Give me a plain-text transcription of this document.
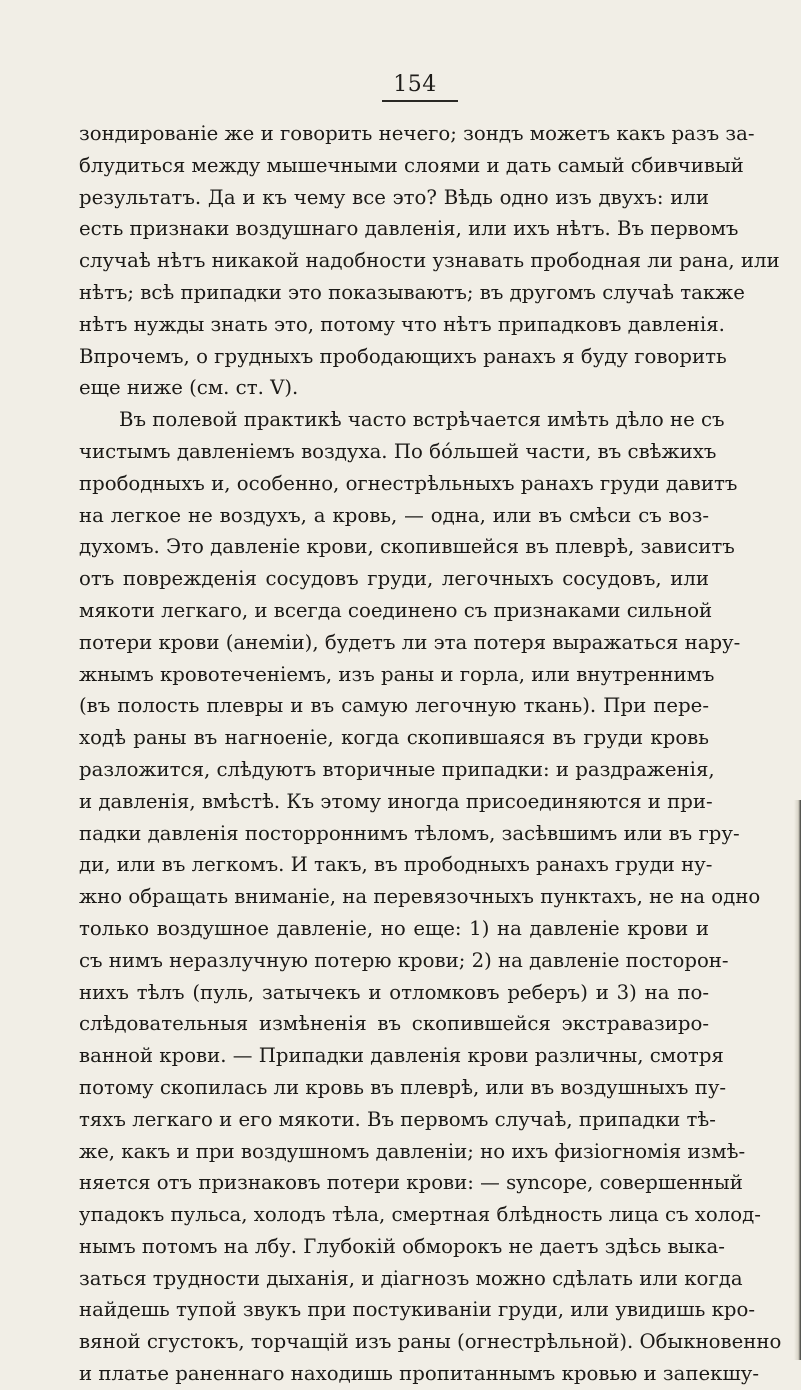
154
зондированіе же и говорить нечего; зондъ можетъ какъ разъ за-
блудиться между мышечными слоями и дать самый сбивчивый
результатъ. Да и къ чему все это? Вѣдь одно изъ двухъ: или
есть признаки воздушнаго давленія, или ихъ нѣтъ. Въ первомъ
случаѣ нѣтъ никакой надобности узнавать прободная ли рана, или
нѣтъ; всѣ припадки это показываютъ; въ другомъ случаѣ также
нѣтъ нужды знать это, потому что нѣтъ припадковъ давленія.
Впрочемъ, о грудныхъ прободающихъ ранахъ я буду говорить
еще ниже (см. ст. V).
Въ полевой практикѣ часто встрѣчается имѣть дѣло не съ
чистымъ давленіемъ воздуха. По бо́льшей части, въ свѣжихъ
прободныхъ и, особенно, огнестрѣльныхъ ранахъ груди давитъ
на легкое не воздухъ, а кровь, — одна, или въ смѣси съ воз-
духомъ. Это давленіе крови, скопившейся въ плеврѣ, зависитъ
отъ поврежденія сосудовъ груди, легочныхъ сосудовъ, или
мякоти легкаго, и всегда соединено съ признаками сильной
потери крови (анеміи), будетъ ли эта потеря выражаться нару-
жнымъ кровотеченіемъ, изъ раны и горла, или внутреннимъ
(въ полость плевры и въ самую легочную ткань). При пере-
ходѣ раны въ нагноеніе, когда скопившаяся въ груди кровь
разложится, слѣдуютъ вторичные припадки: и раздраженія,
и давленія, вмѣстѣ. Къ этому иногда присоединяются и при-
падки давленія посторроннимъ тѣломъ, засѣвшимъ или въ гру-
ди, или въ легкомъ. И такъ, въ прободныхъ ранахъ груди ну-
жно обращать вниманіе, на перевязочныхъ пунктахъ, не на одно
только воздушное давленіе, но еще: 1) на давленіе крови и
съ нимъ неразлучную потерю крови; 2) на давленіе посторон-
нихъ тѣлъ (пуль, затычекъ и отломковъ реберъ) и 3) на по-
слѣдовательныя измѣненія въ скопившейся экстравазиро-
ванной крови. — Припадки давленія крови различны, смотря
потому скопилась ли кровь въ плеврѣ, или въ воздушныхъ пу-
тяхъ легкаго и его мякоти. Въ первомъ случаѣ, припадки тѣ-
же, какъ и при воздушномъ давленіи; но ихъ физіогномія измѣ-
няется отъ признаковъ потери крови: — syncope, совершенный
упадокъ пульса, холодъ тѣла, смертная блѣдность лица съ холод-
нымъ потомъ на лбу. Глубокій обморокъ не даетъ здѣсь выка-
заться трудности дыханія, и діагнозъ можно сдѣлать или когда
найдешь тупой звукъ при постукиваніи груди, или увидишь кро-
вяной сгустокъ, торчащій изъ раны (огнестрѣльной). Обыкновенно
и платье раненнаго находишь пропитаннымъ кровью и запекшу-
